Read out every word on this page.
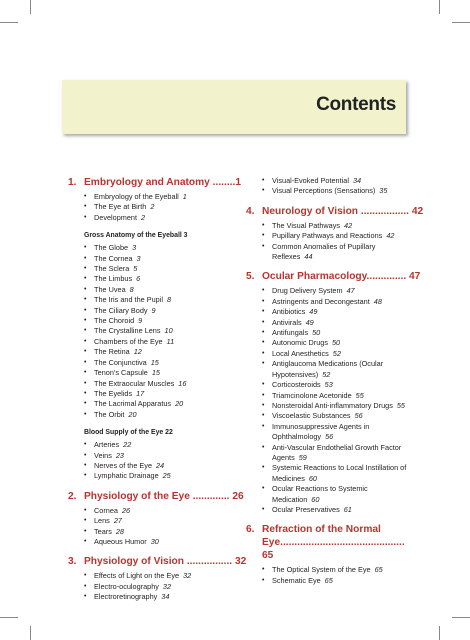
Contents
1. Embryology and Anatomy ........1
• Embryology of the Eyeball 1
• The Eye at Birth 2
• Development 2
Gross Anatomy of the Eyeball 3
• The Globe 3
• The Cornea 3
• The Sclera 5
• The Limbus 6
• The Uvea 8
• The Iris and the Pupil 8
• The Ciliary Body 9
• The Choroid 9
• The Crystalline Lens 10
• Chambers of the Eye 11
• The Retina 12
• The Conjunctiva 15
• Tenon’s Capsule 15
• The Extraocular Muscles 16
• The Eyelids 17
• The Lacrimal Apparatus 20
• The Orbit 20
Blood Supply of the Eye 22
• Arteries 22
• Veins 23
• Nerves of the Eye 24
• Lymphatic Drainage 25
2. Physiology of the Eye ............. 26
• Cornea 26
• Lens 27
• Tears 28
• Aqueous Humor 30
3. Physiology of Vision ................ 32
• Effects of Light on the Eye 32
• Electro-oculography 32
• Electroretinography 34
• Visual-Evoked Potential 34
• Visual Perceptions (Sensations) 35
4. Neurology of Vision ................. 42
• The Visual Pathways 42
• Pupillary Pathways and Reactions 42
• Common Anomalies of Pupillary Reflexes 44
5. Ocular Pharmacology.............. 47
• Drug Delivery System 47
• Astringents and Decongestant 48
• Antibiotics 49
• Antivirals 49
• Antifungals 50
• Autonomic Drugs 50
• Local Anesthetics 52
• Antiglaucoma Medications (Ocular Hypotensives) 52
• Corticosteroids 53
• Triamcinolone Acetonide 55
• Nonsteroidal Anti-inflammatory Drugs 55
• Viscoelastic Substances 56
• Immunosuppressive Agents in Ophthalmology 56
• Anti-Vascular Endothelial Growth Factor Agents 59
• Systemic Reactions to Local Instillation of Medicines 60
• Ocular Reactions to Systemic Medication 60
• Ocular Preservatives 61
6. Refraction of the Normal
Eye............................................ 65
• The Optical System of the Eye 65
• Schematic Eye 65
